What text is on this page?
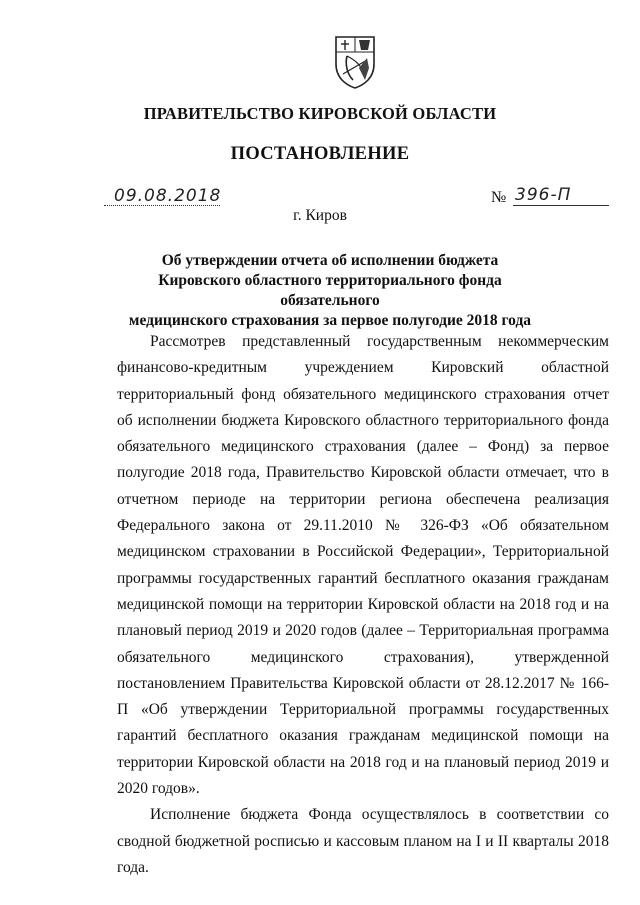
ПРАВИТЕЛЬСТВО КИРОВСКОЙ ОБЛАСТИ
ПОСТАНОВЛЕНИЕ
09.08.2018	№ 396-П
г. Киров
Об утверждении отчета об исполнении бюджета
Кировского областного территориального фонда обязательного
медицинского страхования за первое полугодие 2018 года

Рассмотрев представленный государственным некоммерческим финансово-кредитным учреждением Кировский областной территориальный фонд обязательного медицинского страхования отчет об исполнении бюджета Кировского областного территориального фонда обязательного медицинского страхования (далее – Фонд) за первое полугодие 2018 года, Правительство Кировской области отмечает, что в отчетном периоде на территории региона обеспечена реализация Федерального закона от 29.11.2010 № 326-ФЗ «Об обязательном медицинском страховании в Российской Федерации», Территориальной программы государственных гарантий бесплатного оказания гражданам медицинской помощи на территории Кировской области на 2018 год и на плановый период 2019 и 2020 годов (далее – Территориальная программа обязательного медицинского страхования), утвержденной постановлением Правительства Кировской области от 28.12.2017 № 166-П «Об утверждении Территориальной программы государственных гарантий бесплатного оказания гражданам медицинской помощи на территории Кировской области на 2018 год и на плановый период 2019 и 2020 годов».

Исполнение бюджета Фонда осуществлялось в соответствии со сводной бюджетной росписью и кассовым планом на I и II кварталы 2018 года.
